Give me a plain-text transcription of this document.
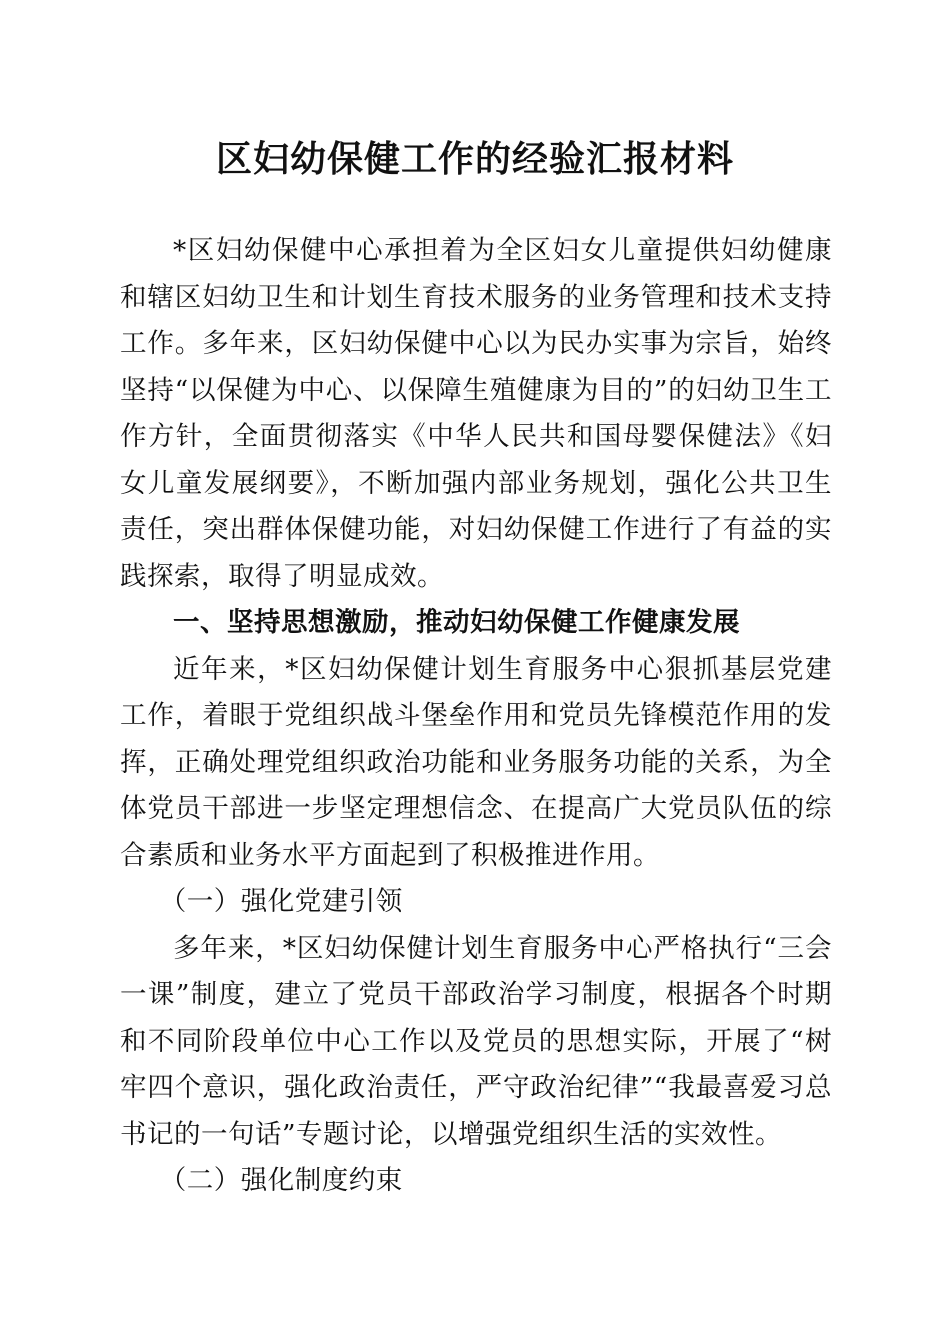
区妇幼保健工作的经验汇报材料

*区妇幼保健中心承担着为全区妇女儿童提供妇幼健康和辖区妇幼卫生和计划生育技术服务的业务管理和技术支持工作。多年来，区妇幼保健中心以为民办实事为宗旨，始终坚持“以保健为中心、以保障生殖健康为目的”的妇幼卫生工作方针，全面贯彻落实《中华人民共和国母婴保健法》《妇女儿童发展纲要》，不断加强内部业务规划，强化公共卫生责任，突出群体保健功能，对妇幼保健工作进行了有益的实践探索，取得了明显成效。

一、坚持思想激励，推动妇幼保健工作健康发展

近年来，*区妇幼保健计划生育服务中心狠抓基层党建工作，着眼于党组织战斗堡垒作用和党员先锋模范作用的发挥，正确处理党组织政治功能和业务服务功能的关系，为全体党员干部进一步坚定理想信念、在提高广大党员队伍的综合素质和业务水平方面起到了积极推进作用。

（一）强化党建引领

多年来，*区妇幼保健计划生育服务中心严格执行“三会一课”制度，建立了党员干部政治学习制度，根据各个时期和不同阶段单位中心工作以及党员的思想实际，开展了“树牢四个意识，强化政治责任，严守政治纪律”“我最喜爱习总书记的一句话”专题讨论，以增强党组织生活的实效性。

（二）强化制度约束
